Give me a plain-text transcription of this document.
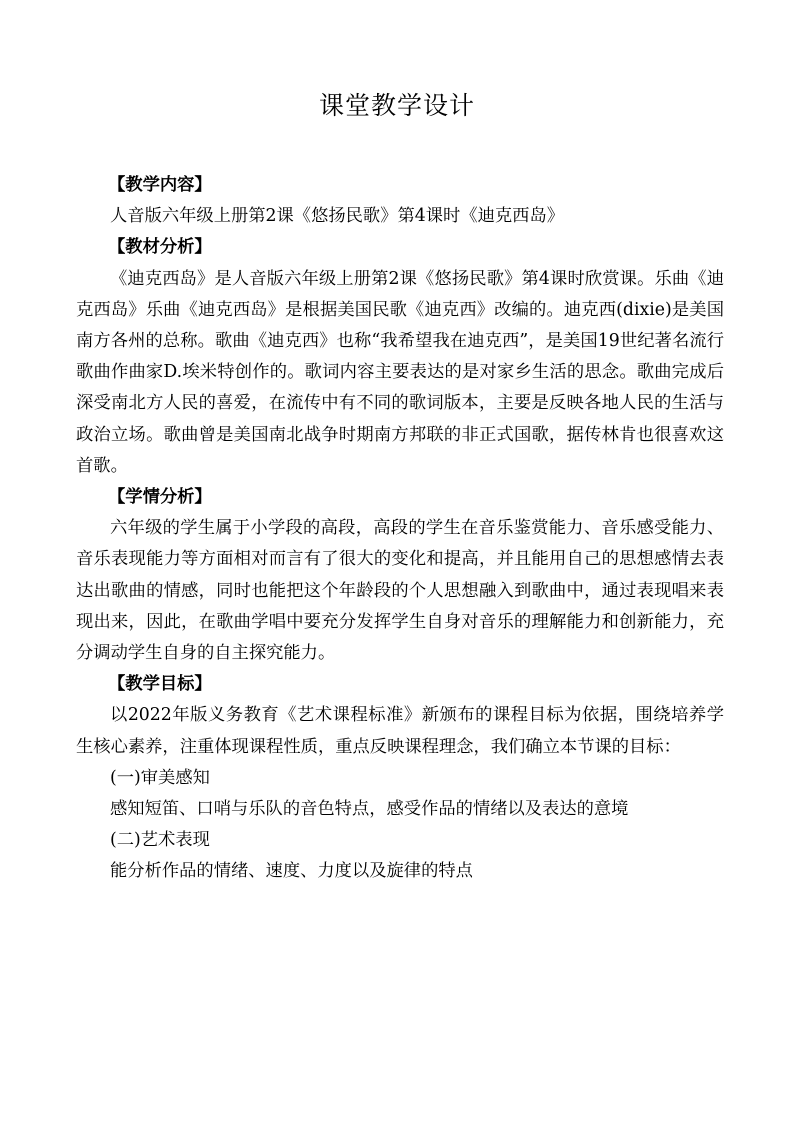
课堂教学设计

【教学内容】

人音版六年级上册第2课《悠扬民歌》第4课时《迪克西岛》

【教材分析】

《迪克西岛》是人音版六年级上册第2课《悠扬民歌》第4课时欣赏课。乐曲《迪克西岛》乐曲《迪克西岛》是根据美国民歌《迪克西》改编的。迪克西(dixie)是美国南方各州的总称。歌曲《迪克西》也称“我希望我在迪克西”，是美国19世纪著名流行歌曲作曲家D.埃米特创作的。歌词内容主要表达的是对家乡生活的思念。歌曲完成后深受南北方人民的喜爱，在流传中有不同的歌词版本，主要是反映各地人民的生活与政治立场。歌曲曾是美国南北战争时期南方邦联的非正式国歌，据传林肯也很喜欢这首歌。

【学情分析】

六年级的学生属于小学段的高段，高段的学生在音乐鉴赏能力、音乐感受能力、音乐表现能力等方面相对而言有了很大的变化和提高，并且能用自己的思想感情去表达出歌曲的情感，同时也能把这个年龄段的个人思想融入到歌曲中，通过表现唱来表现出来，因此，在歌曲学唱中要充分发挥学生自身对音乐的理解能力和创新能力，充分调动学生自身的自主探究能力。

【教学目标】

以2022年版义务教育《艺术课程标准》新颁布的课程目标为依据，围绕培养学生核心素养，注重体现课程性质，重点反映课程理念，我们确立本节课的目标：

(一)审美感知

感知短笛、口哨与乐队的音色特点，感受作品的情绪以及表达的意境

(二)艺术表现

能分析作品的情绪、速度、力度以及旋律的特点
